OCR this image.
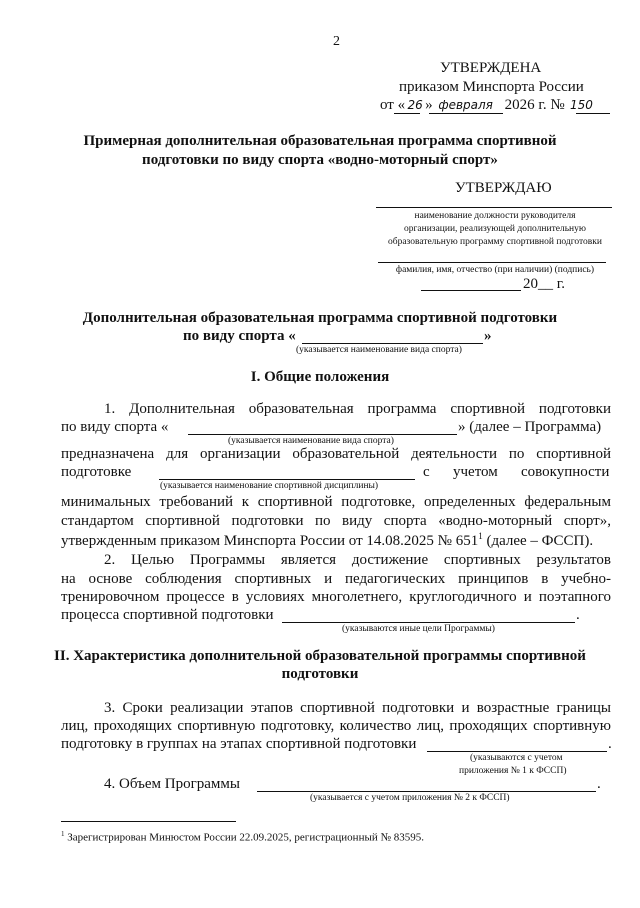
2
УТВЕРЖДЕНА
приказом Минспорта России
от « 26 » февраля 2026 г. № 150
Примерная дополнительная образовательная программа спортивной
подготовки по виду спорта «водно-моторный спорт»
УТВЕРЖДАЮ
наименование должности руководителя
организации, реализующей дополнительную
образовательную программу спортивной подготовки
фамилия, имя, отчество (при наличии) (подпись)
20__ г.
Дополнительная образовательная программа спортивной подготовки
по виду спорта «	»
(указывается наименование вида спорта)
I. Общие положения
1. Дополнительная образовательная программа спортивной подготовки
по виду спорта «	» (далее – Программа)
(указывается наименование вида спорта)
предназначена для организации образовательной деятельности по спортивной
подготовке	с учетом совокупности
(указывается наименование спортивной дисциплины)
минимальных требований к спортивной подготовке, определенных федеральным
стандартом спортивной подготовки по виду спорта «водно-моторный спорт»,
утвержденным приказом Минспорта России от 14.08.2025 № $651^1$ (далее – ФССП).
2. Целью Программы является достижение спортивных результатов
на основе соблюдения спортивных и педагогических принципов в учебно-
тренировочном процессе в условиях многолетнего, круглогодичного и поэтапного
процесса спортивной подготовки	.
(указываются иные цели Программы)
II. Характеристика дополнительной образовательной программы спортивной
подготовки
3. Сроки реализации этапов спортивной подготовки и возрастные границы
лиц, проходящих спортивную подготовку, количество лиц, проходящих спортивную
подготовку в группах на этапах спортивной подготовки	.
(указываются с учетом
приложения № 1 к ФССП)
4. Объем Программы	.
(указывается с учетом приложения № 2 к ФССП)
$^1$ Зарегистрирован Минюстом России 22.09.2025, регистрационный № 83595.
